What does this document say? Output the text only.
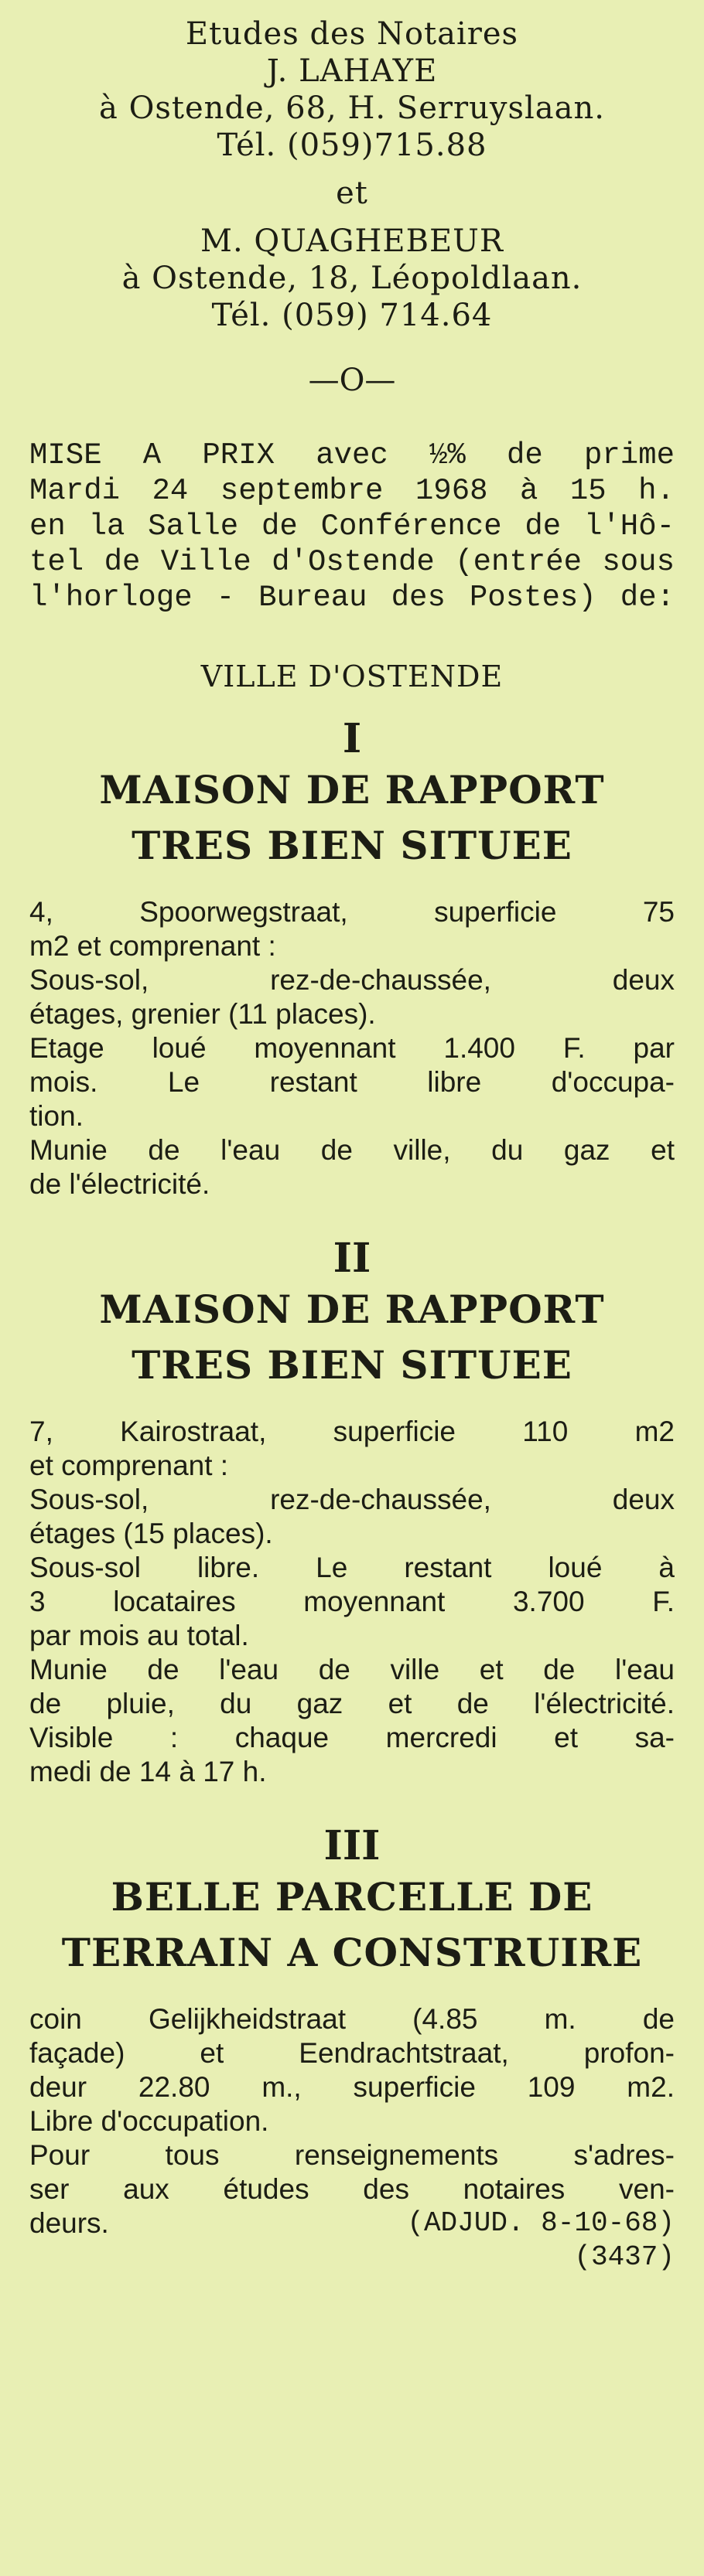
Etudes des Notaires

J. LAHAYE

à Ostende, 68, H. Serruyslaan.

Tél. (059)715.88

et

M. QUAGHEBEUR

à Ostende, 18, Léopoldlaan.

Tél. (059) 714.64

—O—
MISE A PRIX avec ½% de prime
Mardi 24 septembre 1968 à 15 h.
en la Salle de Conférence de l'Hô-
tel de Ville d'Ostende (entrée sous
l'horloge - Bureau des Postes) de:
VILLE D'OSTENDE

I

MAISON DE RAPPORT

TRES BIEN SITUEE

4, Spoorwegstraat, superficie 75
m2 et comprenant :
Sous-sol, rez-de-chaussée, deux
étages, grenier (11 places).
Etage loué moyennant 1.400 F. par
mois. Le restant libre d'occupa-
tion.
Munie de l'eau de ville, du gaz et
de l'électricité.

II

MAISON DE RAPPORT

TRES BIEN SITUEE

7, Kairostraat, superficie 110 m2
et comprenant :
Sous-sol, rez-de-chaussée, deux
étages (15 places).
Sous-sol libre. Le restant loué à
3 locataires moyennant 3.700 F.
par mois au total.
Munie de l'eau de ville et de l'eau
de pluie, du gaz et de l'électricité.
Visible : chaque mercredi et sa-
medi de 14 à 17 h.

III

BELLE PARCELLE DE

TERRAIN A CONSTRUIRE

coin Gelijkheidstraat (4.85 m. de
façade) et Eendrachtstraat, profon-
deur 22.80 m., superficie 109 m2.
Libre d'occupation.
Pour tous renseignements s'adres-
ser aux études des notaires ven-
deurs.	(ADJUD. 8-10-68)

(3437)
